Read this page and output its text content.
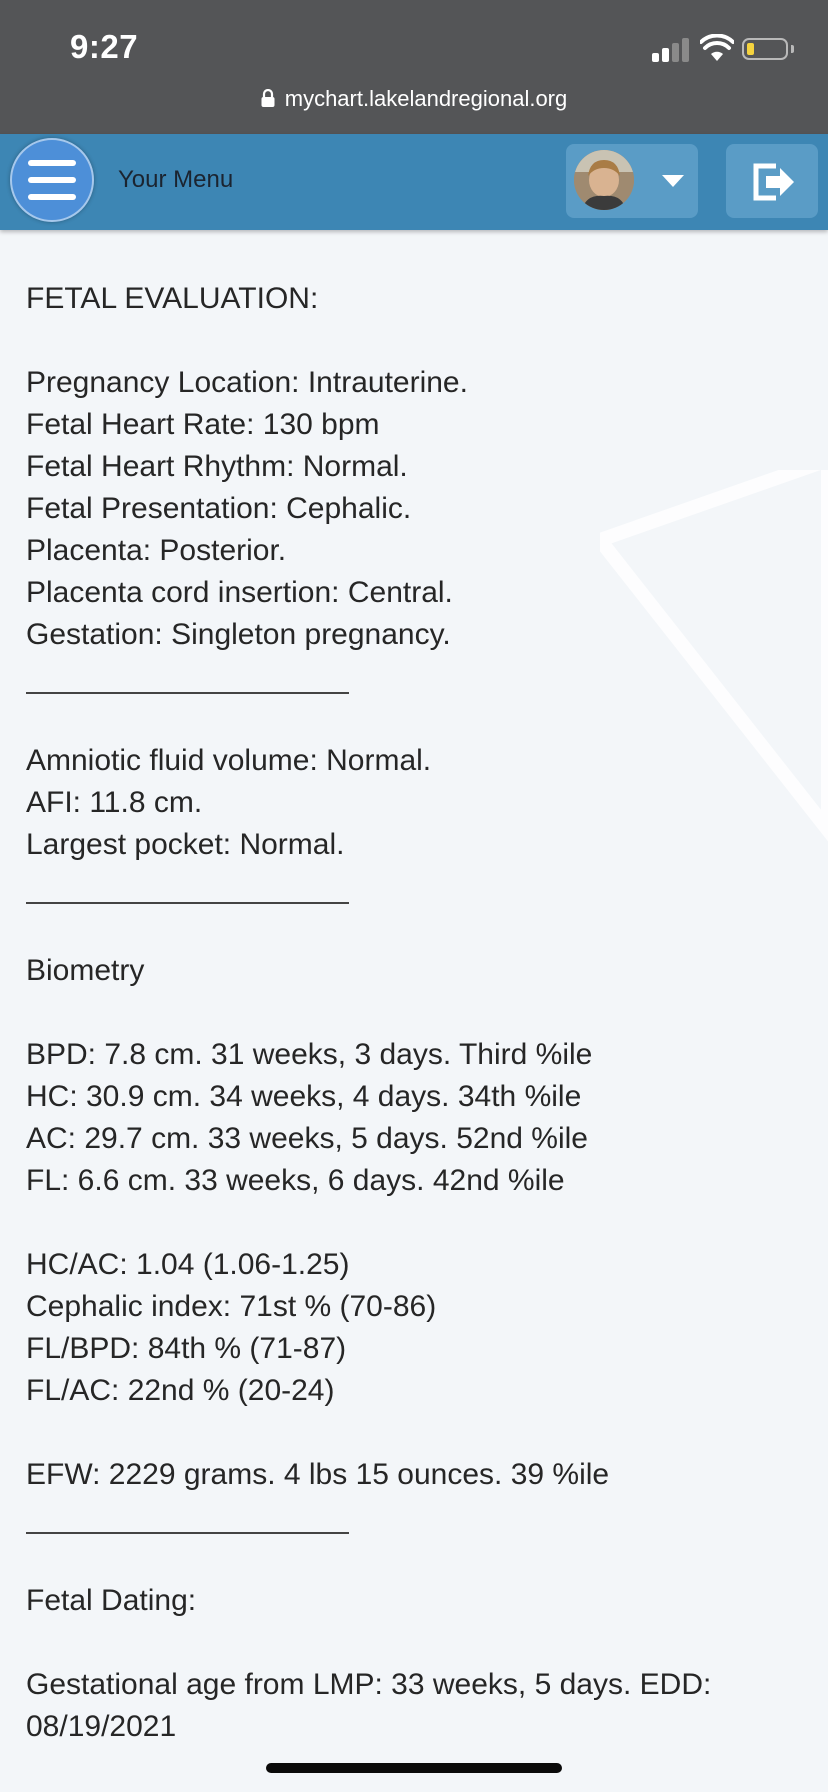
9:27
mychart.lakelandregional.org
Your Menu
FETAL EVALUATION:
Pregnancy Location: Intrauterine.
Fetal Heart Rate: 130 bpm
Fetal Heart Rhythm: Normal.
Fetal Presentation: Cephalic.
Placenta: Posterior.
Placenta cord insertion: Central.
Gestation: Singleton pregnancy.
Amniotic fluid volume: Normal.
AFI: 11.8 cm.
Largest pocket: Normal.
Biometry
BPD: 7.8 cm. 31 weeks, 3 days. Third %ile
HC: 30.9 cm. 34 weeks, 4 days. 34th %ile
AC: 29.7 cm. 33 weeks, 5 days. 52nd %ile
FL: 6.6 cm. 33 weeks, 6 days. 42nd %ile
HC/AC: 1.04 (1.06-1.25)
Cephalic index: 71st % (70-86)
FL/BPD: 84th % (71-87)
FL/AC: 22nd % (20-24)
EFW: 2229 grams. 4 lbs 15 ounces. 39 %ile
Fetal Dating:
Gestational age from LMP: 33 weeks, 5 days. EDD: 08/19/2021
